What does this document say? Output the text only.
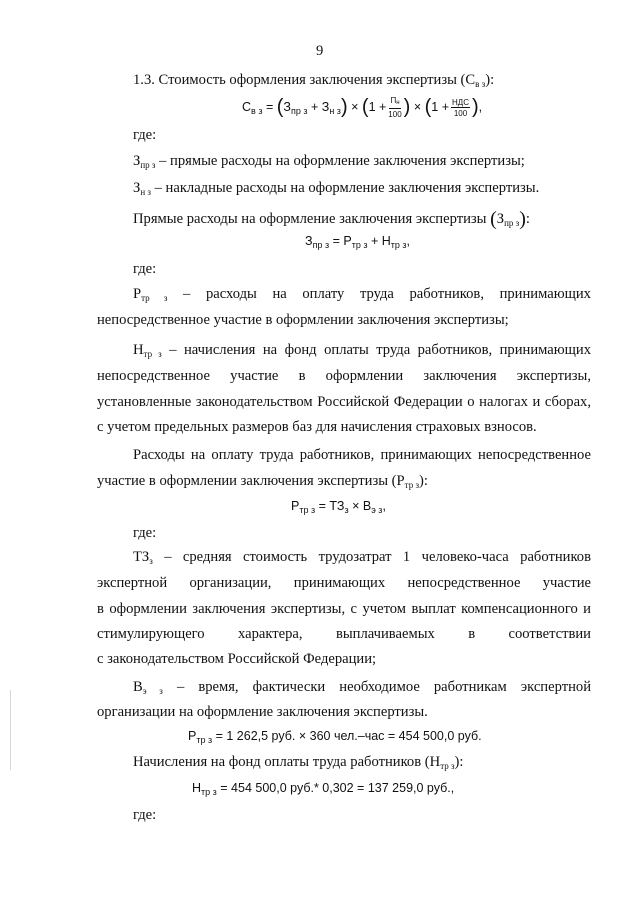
9
1.3. Стоимость оформления заключения экспертизы $(С_{в з})$:
$С_{в з} = (З_{пр з} + З_{н з}) \times (1 + \frac{П_н}{100}$ ) × ($1 + \frac{\text{НДС}}{100}$ ),
где:
$З_{пр з}$ – прямые расходы на оформление заключения экспертизы;
$З_{н з}$ – накладные расходы на оформление заключения экспертизы.
Прямые расходы на оформление заключения экспертизы $(З_{пр з})$:
$З_{пр з} = Р_{тр з} + Н_{тр з}$,
где:
$Р_{тр з}$ – расходы на оплату труда работников, принимающих
непосредственное участие в оформлении заключения экспертизы;
$Н_{тр з}$ – начисления на фонд оплаты труда работников, принимающих
непосредственное участие в оформлении заключения экспертизы,
установленные законодательством Российской Федерации о налогах и сборах,
с учетом предельных размеров баз для начисления страховых взносов.
Расходы на оплату труда работников, принимающих непосредственное
участие в оформлении заключения экспертизы $(Р_{тр з})$:
$Р_{тр з} = ТЗ_з \times В_{э з}$,
где:
$ТЗ_з$ – средняя стоимость трудозатрат 1 человеко-часа работников
экспертной организации, принимающих непосредственное участие
в оформлении заключения экспертизы, с учетом выплат компенсационного и
стимулирующего характера, выплачиваемых в соответствии
с законодательством Российской Федерации;
$В_{э з}$ – время, фактически необходимое работникам экспертной
организации на оформление заключения экспертизы.
$Р_{тр з} = 1$ 262,5 руб. × 360 чел.–час = 454 500,0 руб.
Начисления на фонд оплаты труда работников $(Н_{тр з})$:
$Н_{тр з} = 454$ 500,0 руб.* 0,302 = 137 259,0 руб.,
где:
